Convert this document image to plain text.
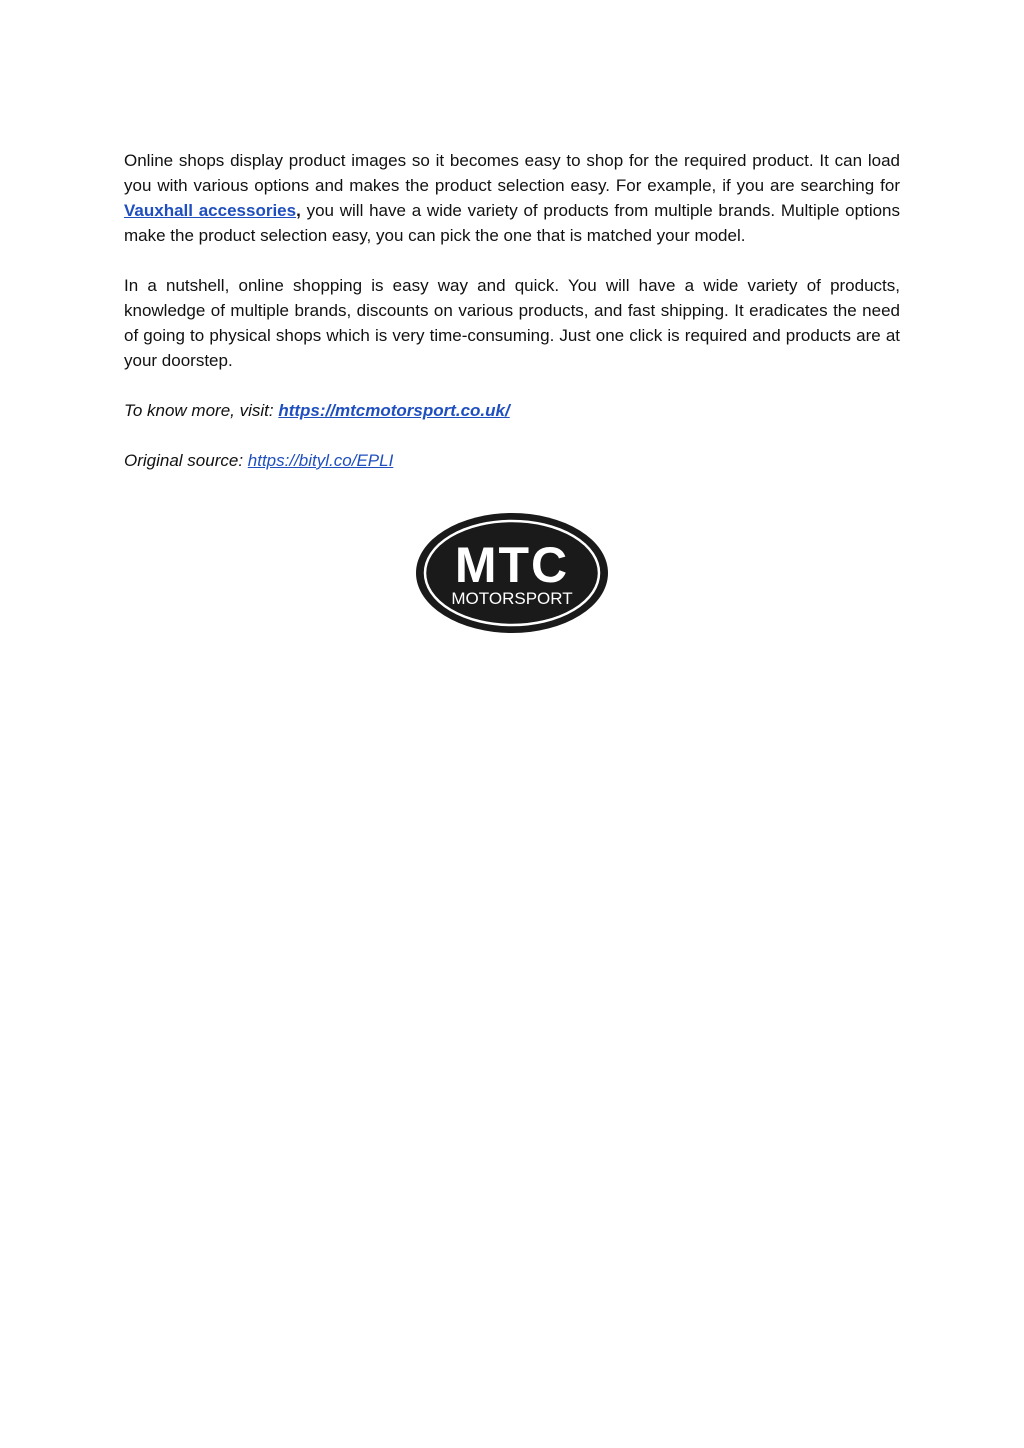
Online shops display product images so it becomes easy to shop for the required product. It can load you with various options and makes the product selection easy. For example, if you are searching for Vauxhall accessories, you will have a wide variety of products from multiple brands. Multiple options make the product selection easy, you can pick the one that is matched your model.

In a nutshell, online shopping is easy way and quick. You will have a wide variety of products, knowledge of multiple brands, discounts on various products, and fast shipping. It eradicates the need of going to physical shops which is very time-consuming. Just one click is required and products are at your doorstep.

To know more, visit: https://mtcmotorsport.co.uk/

Original source: https://bityl.co/EPLI

MTC
MOTORSPORT
